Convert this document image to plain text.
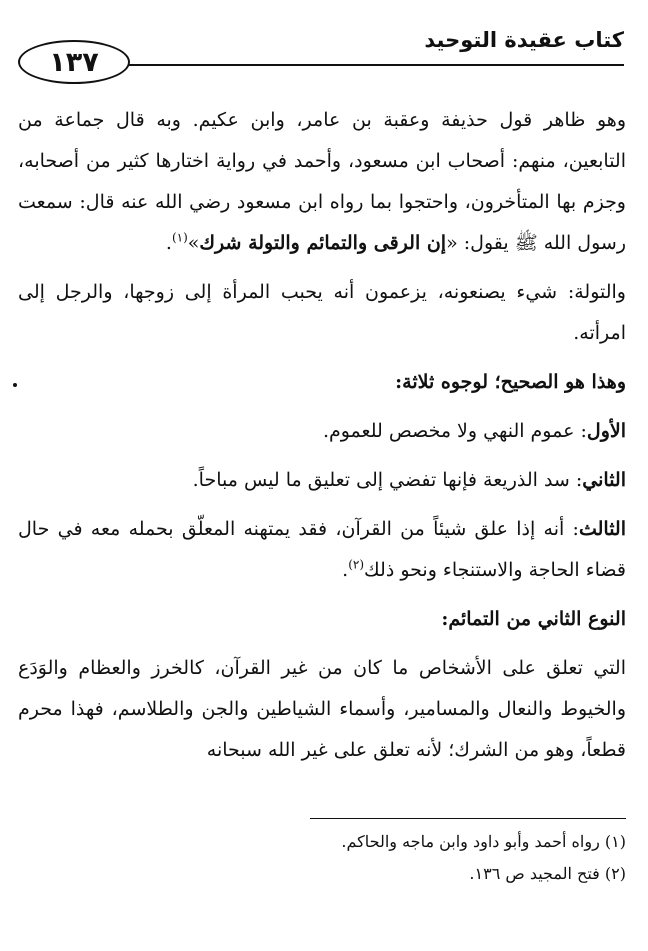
١٣٧
كتاب عقيدة التوحيد

وهو ظاهر قول حذيفة وعقبة بن عامر، وابن عكيم. وبه قال جماعة من التابعين، منهم: أصحاب ابن مسعود، وأحمد في رواية اختارها كثير من أصحابه، وجزم بها المتأخرون، واحتجوا بما رواه ابن مسعود رضي الله عنه قال: سمعت رسول الله ﷺ يقول: «إن الرقى والتمائم والتولة شرك»$^{(١)}$.

والتولة: شيء يصنعونه، يزعمون أنه يحبب المرأة إلى زوجها، والرجل إلى امرأته.

وهذا هو الصحيح؛ لوجوه ثلاثة:

الأول: عموم النهي ولا مخصص للعموم.

الثاني: سد الذريعة فإنها تفضي إلى تعليق ما ليس مباحاً.

الثالث: أنه إذا علق شيئاً من القرآن، فقد يمتهنه المعلّق بحمله معه في حال قضاء الحاجة والاستنجاء ونحو ذلك$^{(٢)}$.

النوع الثاني من التمائم:

التي تعلق على الأشخاص ما كان من غير القرآن، كالخرز والعظام والوَدَع والخيوط والنعال والمسامير، وأسماء الشياطين والجن والطلاسم، فهذا محرم قطعاً، وهو من الشرك؛ لأنه تعلق على غير الله سبحانه

(١) رواه أحمد وأبو داود وابن ماجه والحاكم.

(٢) فتح المجيد ص ١٣٦.
